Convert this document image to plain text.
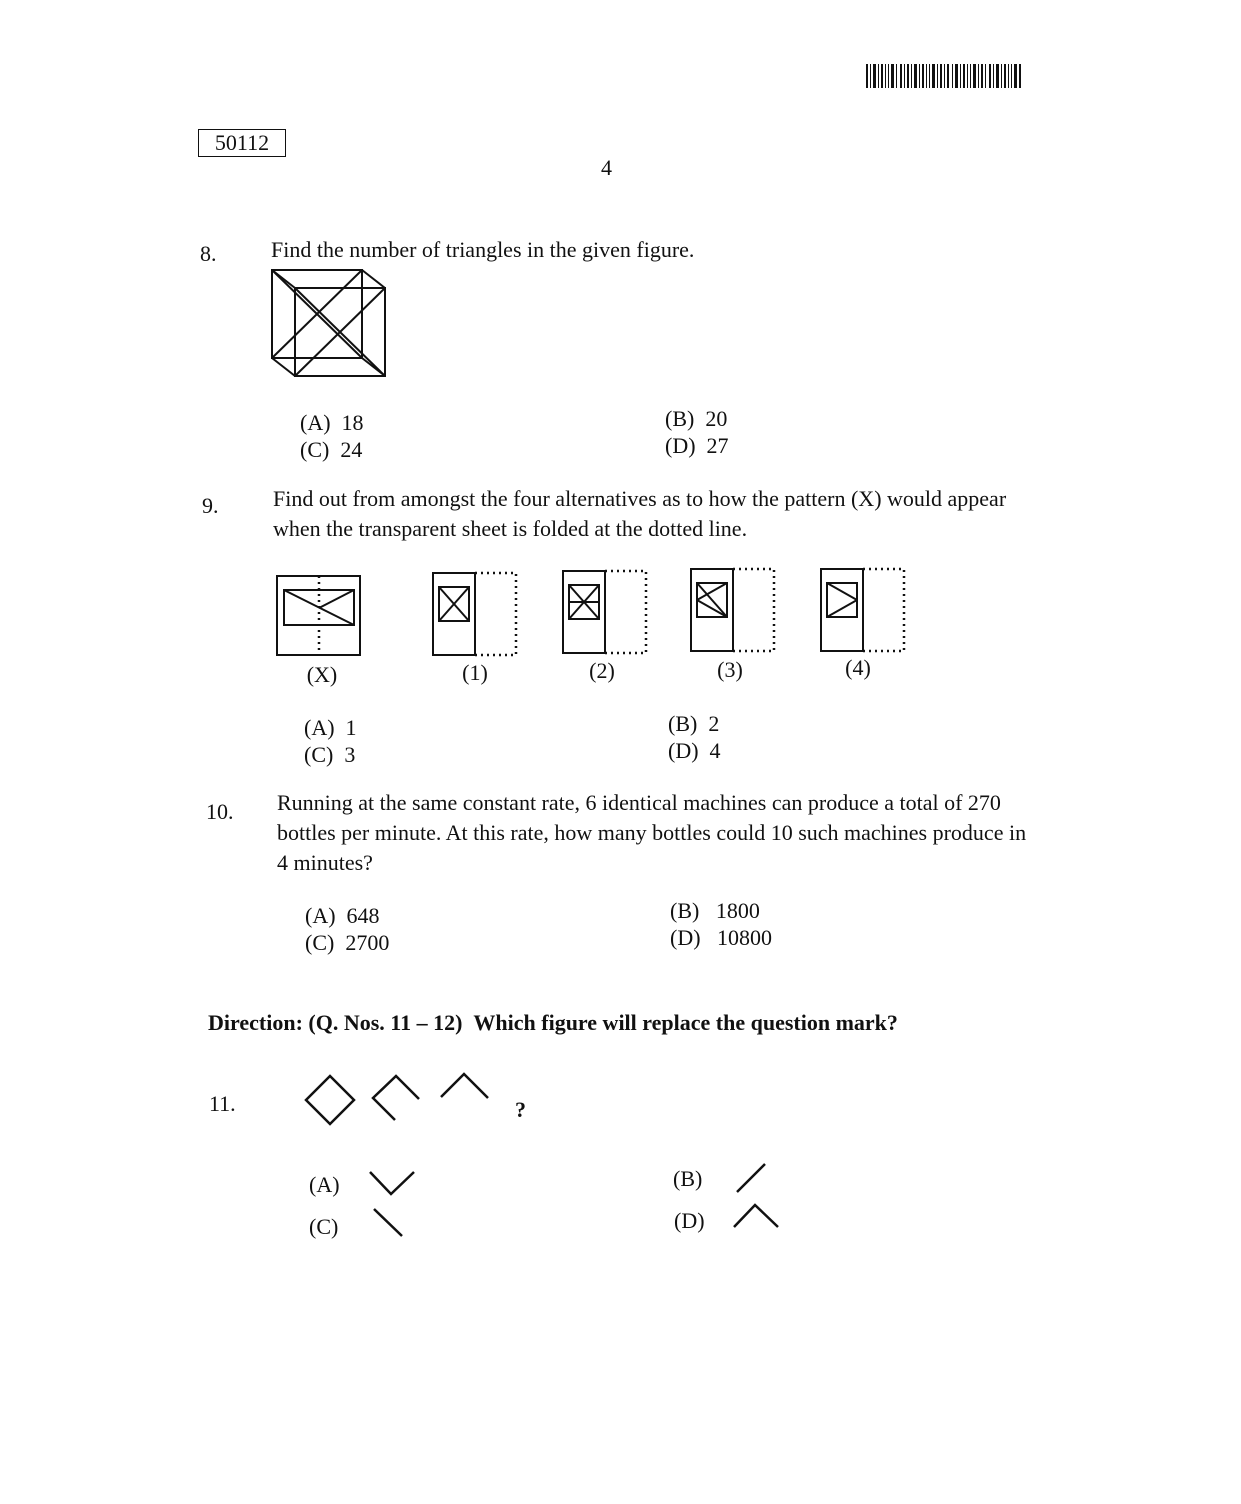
50112
4
8. Find the number of triangles in the given figure.
(A) 18	(B) 20
(C) 24	(D) 27
9. Find out from amongst the four alternatives as to how the pattern (X) would appear when the transparent sheet is folded at the dotted line.
(X)	(1)	(2)	(3)	(4)
(A) 1	(B) 2
(C) 3	(D) 4
10. Running at the same constant rate, 6 identical machines can produce a total of 270 bottles per minute. At this rate, how many bottles could 10 such machines produce in 4 minutes?
(A) 648	(B) 1800
(C) 2700	(D) 10800
Direction: (Q. Nos. 11 – 12) Which figure will replace the question mark?
11.	?
(A)	(B)
(C)	(D)
